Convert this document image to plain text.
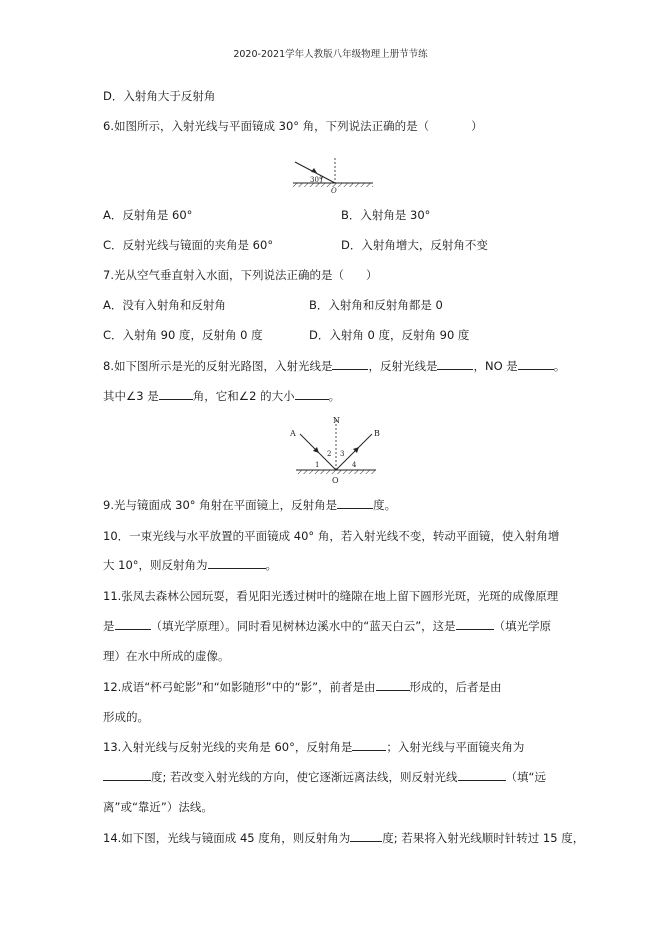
2020-2021学年人教版八年级物理上册节节练
D．入射角大于反射角
6.如图所示，入射光线与平面镜成 30° 角，下列说法正确的是（	）
30°
O
A．反射角是 60°	B．入射角是 30°
C．反射光线与镜面的夹角是 60°	D．入射角增大，反射角不变
7.光从空气垂直射入水面，下列说法正确的是（ ）
A．没有入射角和反射角	B．入射角和反射角都是 0
C．入射角 90 度，反射角 0 度	D．入射角 0 度，反射角 90 度
8.如下图所示是光的反射光路图，入射光线是	，反射光线是	，NO 是	。
其中∠3 是	角，它和∠2 的大小	。
A	B
N
O
1
2 3
4
9.光与镜面成 30° 角射在平面镜上，反射角是	度。
10．一束光线与水平放置的平面镜成 40° 角，若入射光线不变，转动平面镜，使入射角增
大 10°，则反射角为	。
11.张凤去森林公园玩耍，看见阳光透过树叶的缝隙在地上留下圆形光斑，光斑的成像原理
是	（填光学原理）。同时看见树林边溪水中的“蓝天白云”，这是	（填光学原
理）在水中所成的虚像。
12.成语“杯弓蛇影”和“如影随形”中的“影”，前者是由	形成的，后者是由
形成的。
13.入射光线与反射光线的夹角是 60°，反射角是	；入射光线与平面镜夹角为
度; 若改变入射光线的方向，使它逐渐远离法线，则反射光线	（填“远
离”或“靠近”）法线。
14.如下图，光线与镜面成 45 度角，则反射角为	度; 若果将入射光线顺时针转过 15 度，
